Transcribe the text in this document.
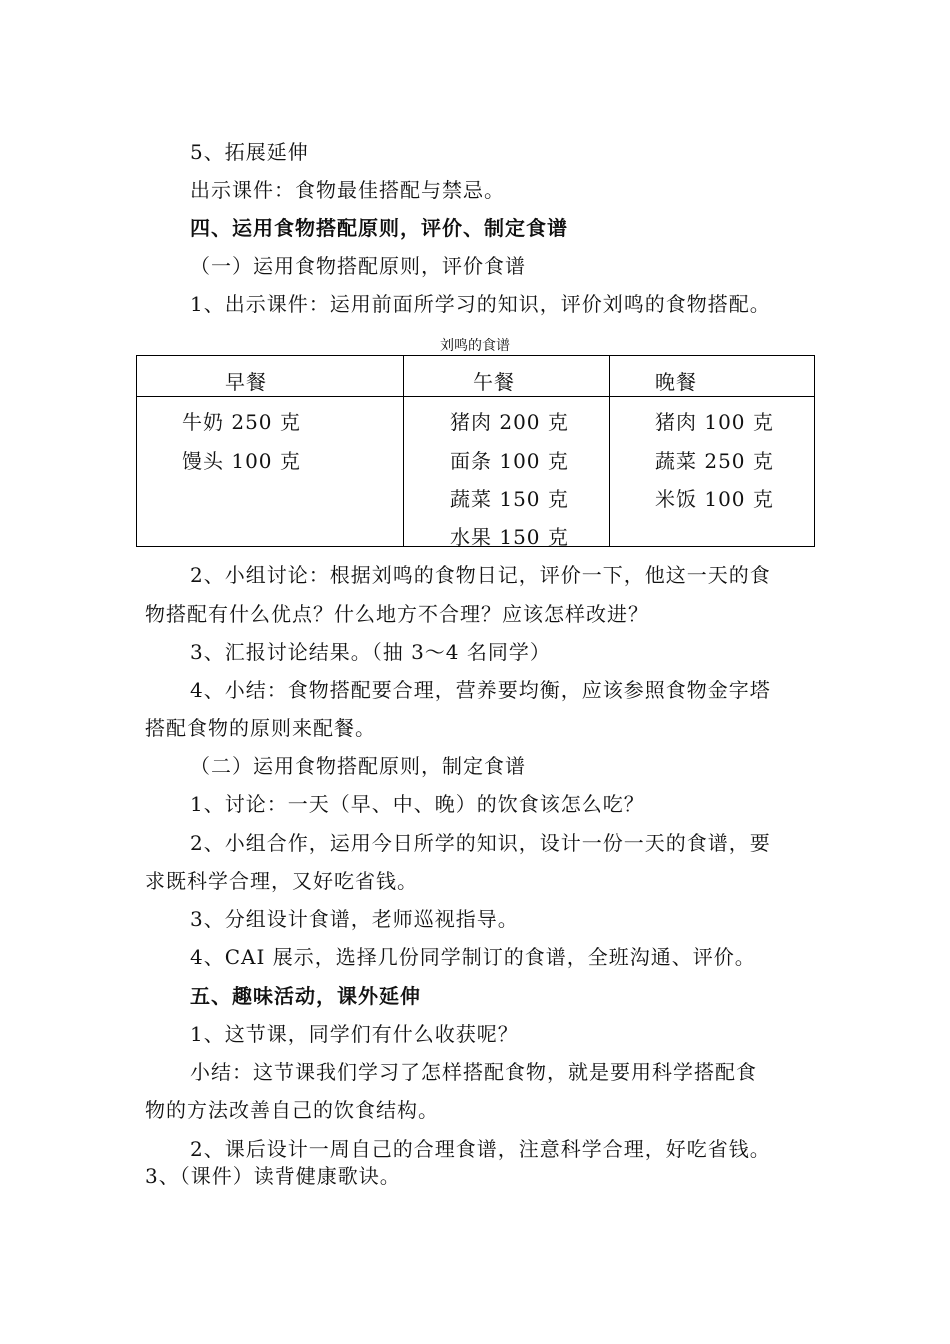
5、拓展延伸
出示课件：食物最佳搭配与禁忌。
四、运用食物搭配原则，评价、制定食谱
（一）运用食物搭配原则，评价食谱
1、出示课件：运用前面所学习的知识，评价刘鸣的食物搭配。
刘鸣的食谱
早餐	午餐	晚餐
牛奶 250 克
馒头 100 克
猪肉 200 克
面条 100 克
蔬菜 150 克
水果 150 克
猪肉 100 克
蔬菜 250 克
米饭 100 克
2、小组讨论：根据刘鸣的食物日记，评价一下，他这一天的食
物搭配有什么优点？什么地方不合理？应该怎样改进？
3、汇报讨论结果。（抽 3～4 名同学）
4、小结：食物搭配要合理，营养要均衡，应该参照食物金字塔
搭配食物的原则来配餐。
（二）运用食物搭配原则，制定食谱
1、讨论：一天（早、中、晚）的饮食该怎么吃？
2、小组合作，运用今日所学的知识，设计一份一天的食谱，要
求既科学合理，又好吃省钱。
3、分组设计食谱，老师巡视指导。
4、CAI 展示，选择几份同学制订的食谱，全班沟通、评价。
五、趣味活动，课外延伸
1、这节课，同学们有什么收获呢？
小结：这节课我们学习了怎样搭配食物，就是要用科学搭配食
物的方法改善自己的饮食结构。
2、课后设计一周自己的合理食谱，注意科学合理，好吃省钱。
3、（课件）读背健康歌诀。
